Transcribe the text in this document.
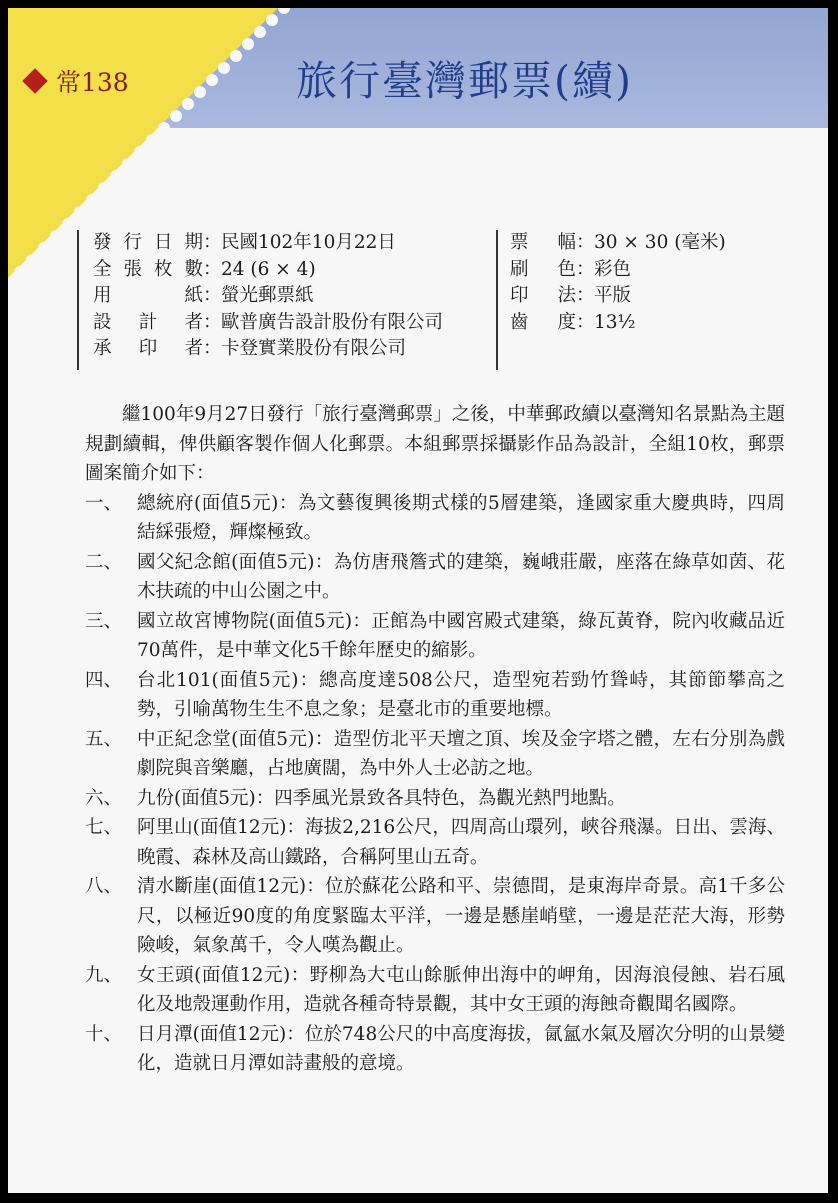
常138	旅行臺灣郵票(續)
發行日期 ： 民國102年10月22日
全張枚數 ： 24 (6 × 4)
用紙 ： 螢光郵票紙
設計者 ： 歐普廣告設計股份有限公司
承印者 ： 卡登實業股份有限公司
票幅 ： 30 × 30 (毫米)
刷色 ： 彩色
印法 ： 平版
齒度 ： 13½

繼100年9月27日發行「旅行臺灣郵票」之後，中華郵政續以臺灣知名景點為主題規劃續輯，俾供顧客製作個人化郵票。本組郵票採攝影作品為設計，全組10枚，郵票圖案簡介如下：

一、 總統府(面值5元)：為文藝復興後期式樣的5層建築，逢國家重大慶典時，四周結綵張燈，輝燦極致。
二、 國父紀念館(面值5元)：為仿唐飛簷式的建築，巍峨莊嚴，座落在綠草如茵、花木扶疏的中山公園之中。
三、 國立故宮博物院(面值5元)：正館為中國宮殿式建築，綠瓦黃脊，院內收藏品近70萬件，是中華文化5千餘年歷史的縮影。
四、 台北101(面值5元)：總高度達508公尺，造型宛若勁竹聳峙，其節節攀高之勢，引喻萬物生生不息之象；是臺北市的重要地標。
五、 中正紀念堂(面值5元)：造型仿北平天壇之頂、埃及金字塔之體，左右分別為戲劇院與音樂廳，占地廣闊，為中外人士必訪之地。
六、 九份(面值5元)：四季風光景致各具特色，為觀光熱門地點。
七、 阿里山(面值12元)：海拔2,216公尺，四周高山環列，峽谷飛瀑。日出、雲海、晚霞、森林及高山鐵路，合稱阿里山五奇。
八、 清水斷崖(面值12元)：位於蘇花公路和平、崇德間，是東海岸奇景。高1千多公尺，以極近90度的角度緊臨太平洋，一邊是懸崖峭壁，一邊是茫茫大海，形勢險峻，氣象萬千，令人嘆為觀止。
九、 女王頭(面值12元)：野柳為大屯山餘脈伸出海中的岬角，因海浪侵蝕、岩石風化及地殼運動作用，造就各種奇特景觀，其中女王頭的海蝕奇觀聞名國際。
十、 日月潭(面值12元)：位於748公尺的中高度海拔，氤氳水氣及層次分明的山景變化，造就日月潭如詩畫般的意境。
